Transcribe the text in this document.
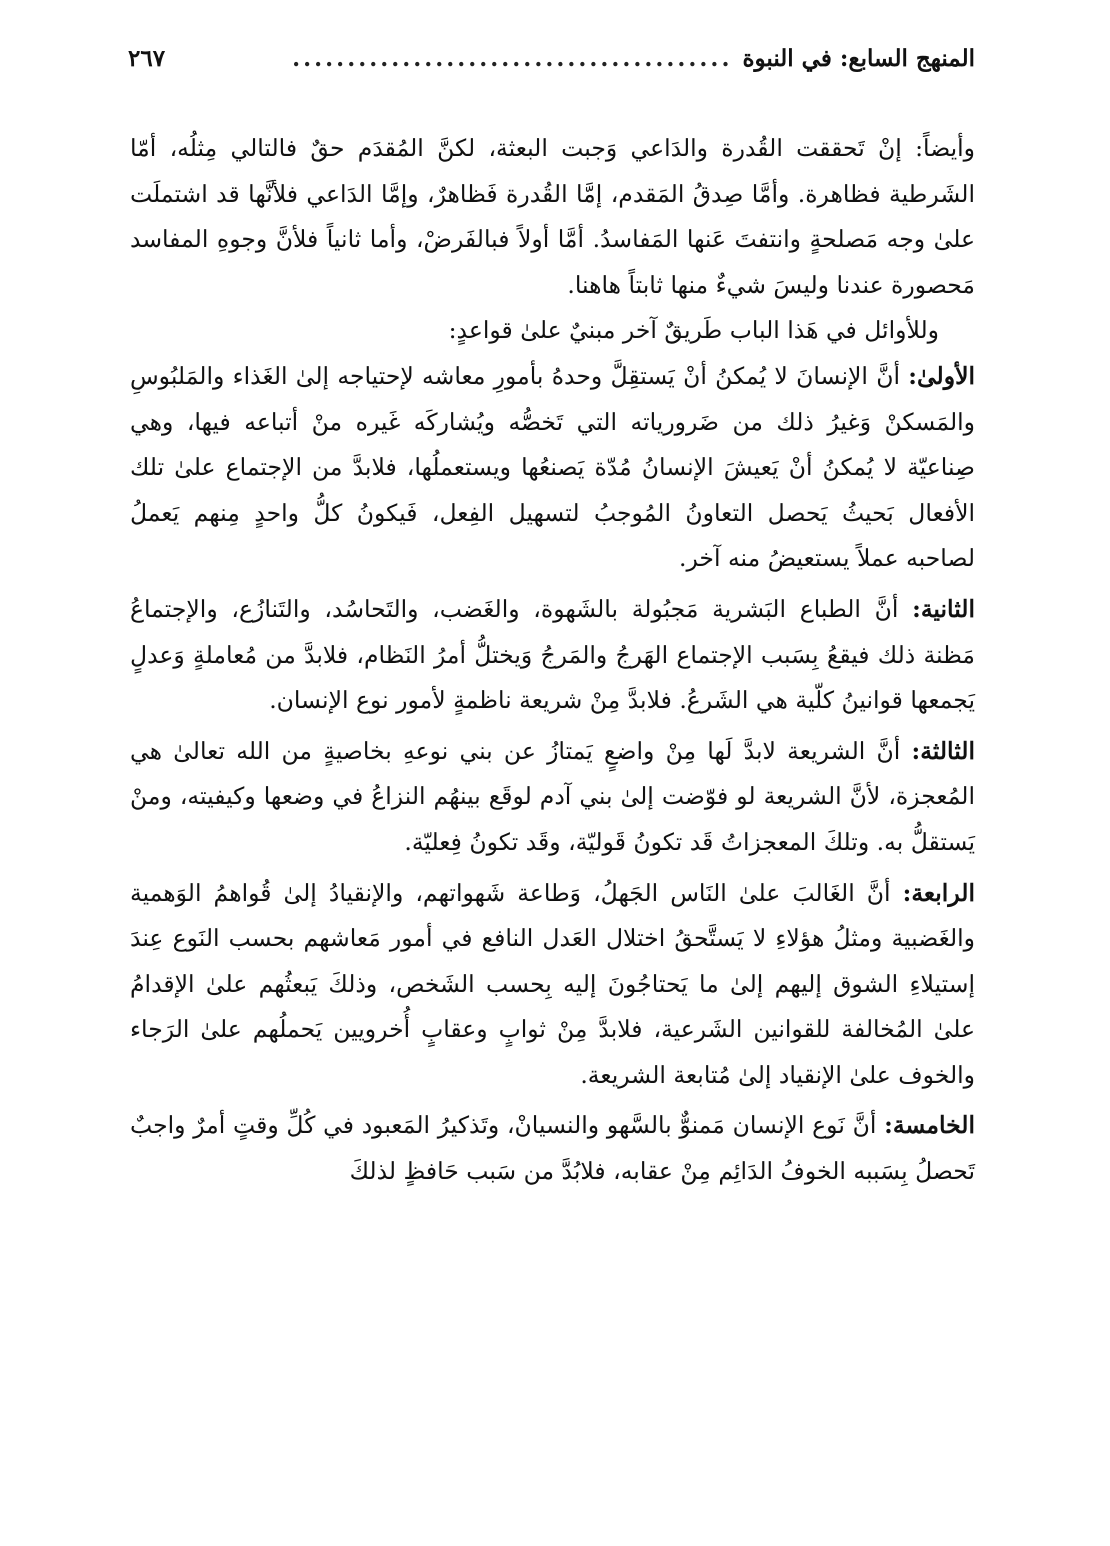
المنهج السابع: في النبوة
........................................
٢٦٧

وأيضاً: إنْ تَحققت القُدرة والدَاعي وَجبت البعثة، لكنَّ المُقدَم حقٌ فالتالي مِثلُه، أمّا الشَرطية فظاهرة. وأمَّا صِدقُ المَقدم، إمَّا القُدرة فَظاهرٌ، وإمَّا الدَاعي فلأنَّها قد اشتملَت علىٰ وجه مَصلحةٍ وانتفتَ عَنها المَفاسدُ. أمَّا أولاً فبالفَرضْ، وأما ثانياً فلأنَّ وجوهِ المفاسد مَحصورة عندنا وليسَ شيءٌ منها ثابتاً هاهنا.

وللأوائل في هَذا الباب طَريقٌ آخر مبنيٌ علىٰ قواعدٍ:

الأولىٰ: أنَّ الإنسانَ لا يُمكنُ أنْ يَستقِلَّ وحدهُ بأمورِ معاشه لإحتياجه إلىٰ الغَذاء والمَلبُوسِ والمَسكنْ وَغيرُ ذلك من ضَرورياته التي تَخصُّه ويُشاركَه غَيره منْ أتباعه فيها، وهي صِناعيّة لا يُمكنُ أنْ يَعيشَ الإنسانُ مُدّة يَصنعُها ويستعملُها، فلابدَّ من الإجتماع علىٰ تلك الأفعال بَحيثُ يَحصل التعاونُ المُوجبُ لتسهيل الفِعل، فَيكونُ كلُّ واحدٍ مِنهم يَعملُ لصاحبه عملاً يستعيضُ منه آخر.

الثانية: أنَّ الطباع البَشرية مَجبُولة بالشَهوة، والغَضب، والتَحاسُد، والتَنازُع، والإجتماعُ مَظنة ذلك فيقعُ بِسَبب الإجتماع الهَرجُ والمَرجُ وَيختلُّ أمرُ النَظام، فلابدَّ من مُعاملةٍ وَعدلٍ يَجمعها قوانينُ كلّية هي الشَرعُ. فلابدَّ مِنْ شريعة ناظمةٍ لأمور نوع الإنسان.

الثالثة: أنَّ الشريعة لابدَّ لَها مِنْ واضعٍ يَمتازُ عن بني نوعهِ بخاصيةٍ من الله تعالىٰ هي المُعجزة، لأنَّ الشريعة لو فوّضت إلىٰ بني آدم لوقَع بينهُم النزاعُ في وضعها وكيفيته، ومنْ يَستقلُّ به. وتلكَ المعجزاتُ قَد تكونُ قَوليّة، وقَد تكونُ فِعليّة.

الرابعة: أنَّ الغَالبَ علىٰ النَاس الجَهلُ، وَطاعة شَهواتهم، والإنقيادُ إلىٰ قُواهمُ الوَهمية والغَضبية ومثلُ هؤلاءِ لا يَستَّحقُ اختلال العَدل النافع في أمور مَعاشهم بحسب النَوع عِندَ إستيلاءِ الشوق إليهم إلىٰ ما يَحتاجُونَ إليه بِحسب الشَخص، وذلكَ يَبعثُهم علىٰ الإقدامُ علىٰ المُخالفة للقوانين الشَرعية، فلابدَّ مِنْ ثوابٍ وعقابٍ أُخرويين يَحملُهم علىٰ الرَجاء والخوف علىٰ الإنقياد إلىٰ مُتابعة الشريعة.

الخامسة: أنَّ نَوع الإنسان مَمنوٌّ بالسَّهو والنسيانْ، وتَذكيرُ المَعبود في كُلِّ وقتٍ أمرٌ واجبٌ تَحصلُ بِسَببه الخوفُ الدَائِم مِنْ عقابه، فلابُدَّ من سَبب حَافظٍ لذلكَ
